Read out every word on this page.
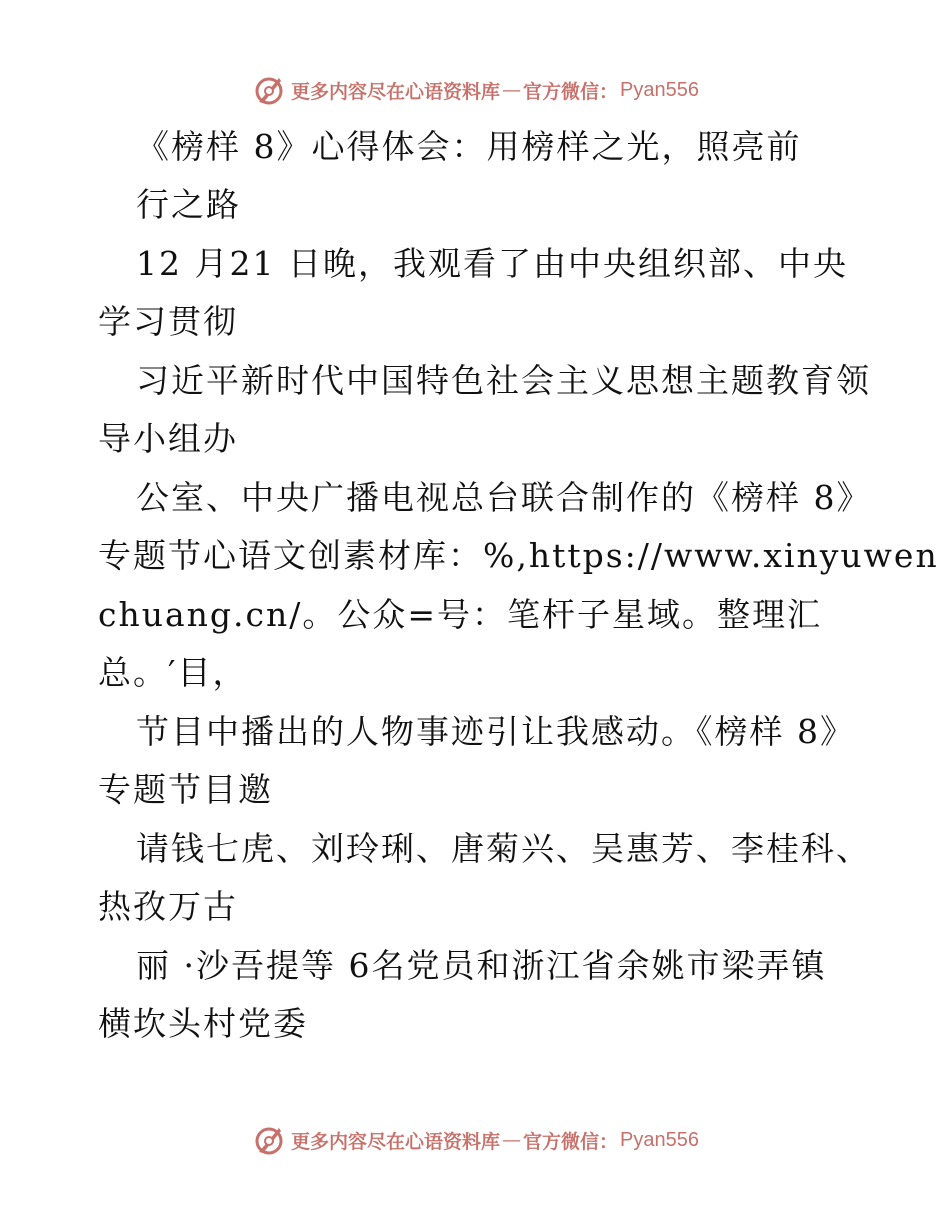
更多内容尽在心语资料库 — 官方微信： Pyan556
《榜样 8》心得体会：用榜样之光，照亮前
行之路
12 月21 日晚，我观看了由中央组织部、中央
学习贯彻
习近平新时代中国特色社会主义思想主题教育领
导小组办
公室、中央广播电视总台联合制作的《榜样 8》
专题节心语文创素材库：%,https://www.xinyuwen
chuang.cn/。公众=号：笔杆子星域。整理汇
总。′目，
节目中播出的人物事迹引让我感动。《榜样 8》
专题节目邀
请钱七虎、刘玲琍、唐菊兴、吴惠芳、李桂科、
热孜万古
丽 ·沙吾提等 6名党员和浙江省余姚市梁弄镇
横坎头村党委
更多内容尽在心语资料库 — 官方微信： Pyan556
